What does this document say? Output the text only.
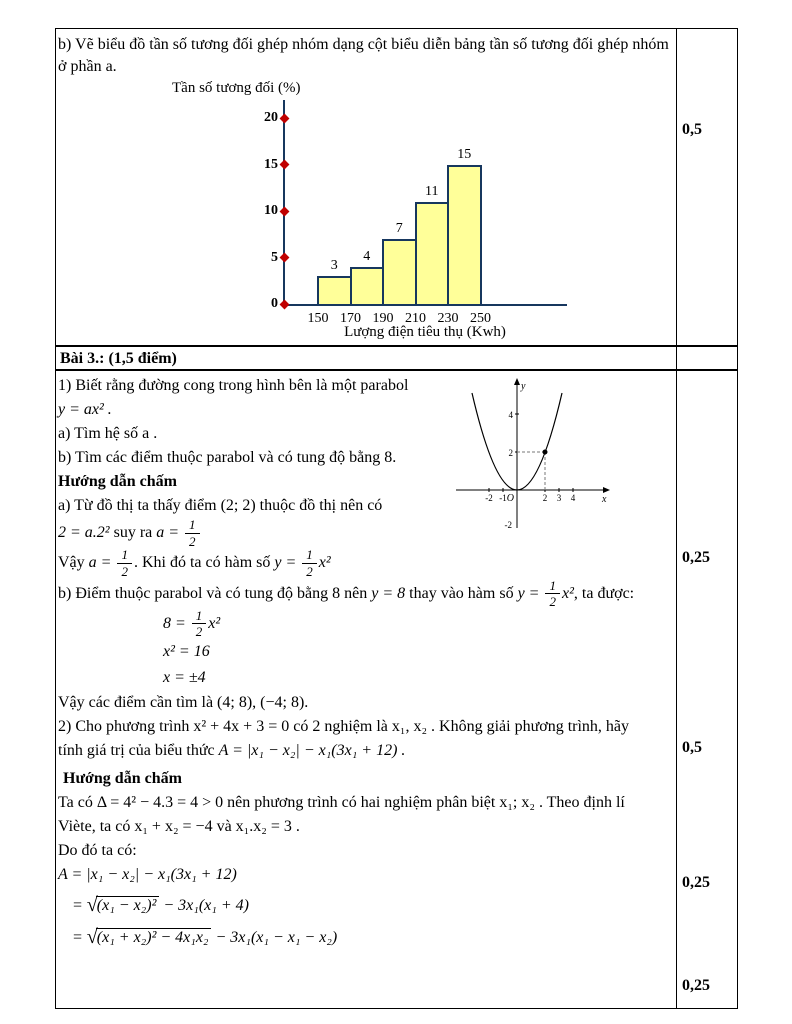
b) Vẽ biểu đồ tần số tương đối ghép nhóm dạng cột biểu diễn bảng tần số tương đối ghép nhóm ở phần a.

Tần số tương đối (%)
0
5
10
15
20
3
4
7
11
15
150 170 190 210 230 250
Lượng điện tiêu thụ (Kwh)
0,5
Bài 3.: (1,5 điểm)
y
x
O
-2 -1	2 3 4
4
2
-2

1) Biết rằng đường cong trong hình bên là một parabol

y = ax² .

a) Tìm hệ số a .

b) Tìm các điểm thuộc parabol và có tung độ bằng 8.

Hướng dẫn chấm

a) Từ đồ thị ta thấy điểm (2; 2) thuộc đồ thị nên có

2 = a.2² suy ra $a = \frac{1}{2}$

Vậy $a = \frac{1}{2}$ . Khi đó ta có hàm số $y = \frac{1}{2} x^2$

b) Điểm thuộc parabol và có tung độ bằng 8 nên y = 8 thay vào hàm số $y = \frac{1}{2} x^2$, ta được:

$8 = \frac{1}{2} x^2$

x² = 16

x = ±4

Vậy các điểm cần tìm là (4; 8), (−4; 8).

2) Cho phương trình x² + 4x + 3 = 0 có 2 nghiệm là x₁, x₂ . Không giải phương trình, hãy

tính giá trị của biểu thức A = |x₁ − x₂| − x₁(3x₁ + 12) .

Hướng dẫn chấm

Ta có Δ = 4² − 4.3 = 4 > 0 nên phương trình có hai nghiệm phân biệt x₁; x₂ . Theo định lí

Viète, ta có x₁ + x₂ = −4 và x₁.x₂ = 3 .

Do đó ta có:

A = |x₁ − x₂| − x₁(3x₁ + 12)

= √(x₁ − x₂)² − 3x₁(x₁ + 4)

= √(x₁ + x₂)² − 4x₁x₂ − 3x₁(x₁ − x₁ − x₂)

0,25
0,5
0,25
0,25
